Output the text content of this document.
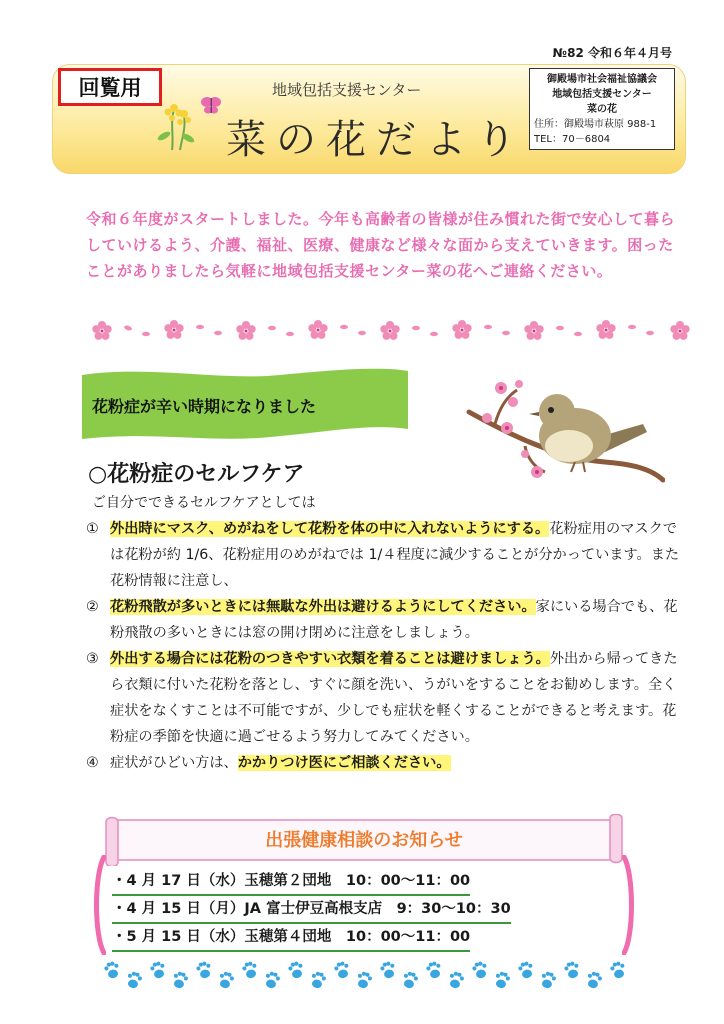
№82 令和６年４月号
回覧用	地域包括支援センター
菜の花だより
御殿場市社会福祉協議会
地域包括支援センター
菜の花
住所：御殿場市萩原 988-1
TEL：70－6804
令和６年度がスタートしました。今年も高齢者の皆様が住み慣れた街で安心して暮らしていけるよう、介護、福祉、医療、健康など様々な面から支えていきます。困ったことがありましたら気軽に地域包括支援センター菜の花へご連絡ください。
花粉症が辛い時期になりました
○花粉症のセルフケア
ご自分でできるセルフケアとしては
① 外出時にマスク、めがねをして花粉を体の中に入れないようにする。花粉症用のマスクでは花粉が約 1/6、花粉症用のめがねでは 1/４程度に減少することが分かっています。また花粉情報に注意し、
② 花粉飛散が多いときには無駄な外出は避けるようにしてください。家にいる場合でも、花粉飛散の多いときには窓の開け閉めに注意をしましょう。
③ 外出する場合には花粉のつきやすい衣類を着ることは避けましょう。外出から帰ってきたら衣類に付いた花粉を落とし、すぐに顔を洗い、うがいをすることをお勧めします。全く症状をなくすことは不可能ですが、少しでも症状を軽くすることができると考えます。花粉症の季節を快適に過ごせるよう努力してみてください。
④ 症状がひどい方は、かかりつけ医にご相談ください。
出張健康相談のお知らせ
・4 月 17 日（水）玉穂第２団地　10：00～11：00
・4 月 15 日（月）JA 富士伊豆高根支店　9：30～10：30
・5 月 15 日（水）玉穂第４団地　10：00～11：00
